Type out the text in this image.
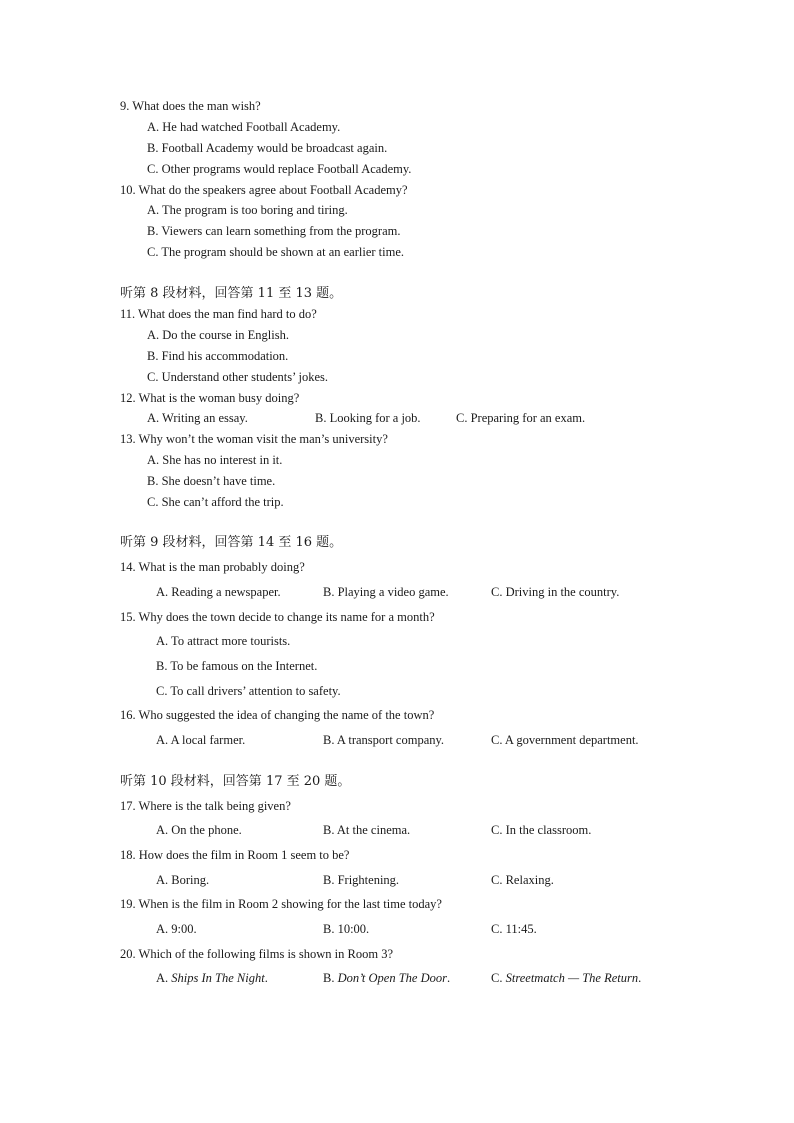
9. What does the man wish?
A. He had watched Football Academy.
B. Football Academy would be broadcast again.
C. Other programs would replace Football Academy.
10. What do the speakers agree about Football Academy?
A. The program is too boring and tiring.
B. Viewers can learn something from the program.
C. The program should be shown at an earlier time.
听第 8 段材料，回答第 11 至 13 题。
11. What does the man find hard to do?
A. Do the course in English.
B. Find his accommodation.
C. Understand other students’ jokes.
12. What is the woman busy doing?
A. Writing an essay.	B. Looking for a job.	C. Preparing for an exam.
13. Why won’t the woman visit the man’s university?
A. She has no interest in it.
B. She doesn’t have time.
C. She can’t afford the trip.
听第 9 段材料，回答第 14 至 16 题。
14. What is the man probably doing?
A. Reading a newspaper.	B. Playing a video game.	C. Driving in the country.
15. Why does the town decide to change its name for a month?
A. To attract more tourists.
B. To be famous on the Internet.
C. To call drivers’ attention to safety.
16. Who suggested the idea of changing the name of the town?
A. A local farmer.	B. A transport company.	C. A government department.
听第 10 段材料，回答第 17 至 20 题。
17. Where is the talk being given?
A. On the phone.	B. At the cinema.	C. In the classroom.
18. How does the film in Room 1 seem to be?
A. Boring.	B. Frightening.	C. Relaxing.
19. When is the film in Room 2 showing for the last time today?
A. 9:00.	B. 10:00.	C. 11:45.
20. Which of the following films is shown in Room 3?
A. Ships In The Night.	B. Don’t Open The Door.	C. Streetmatch — The Return.
